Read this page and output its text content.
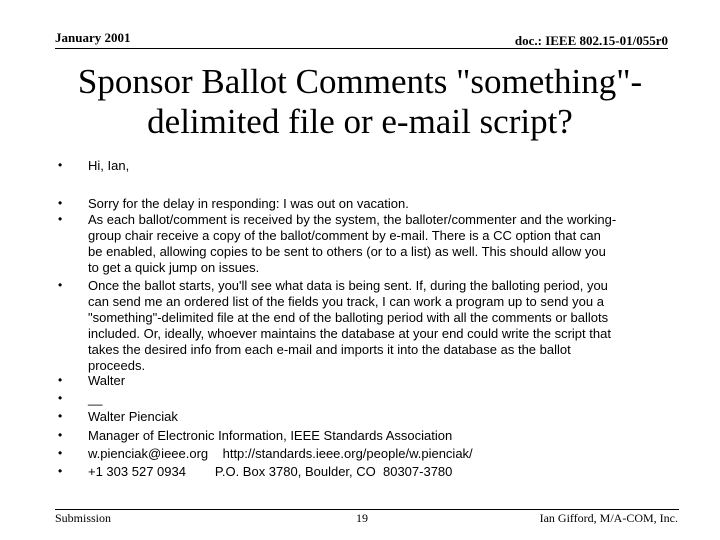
January 2001	doc.: IEEE 802.15-01/055r0
Sponsor Ballot Comments "something"-
delimited file or e-mail script?
•
•
•
•
•
•
•
•
•
•
Hi, Ian,
Sorry for the delay in responding: I was out on vacation.
As each ballot/comment is received by the system, the balloter/commenter and the working-
group chair receive a copy of the ballot/comment by e-mail. There is a CC option that can
be enabled, allowing copies to be sent to others (or to a list) as well. This should allow you
to get a quick jump on issues.
Once the ballot starts, you'll see what data is being sent. If, during the balloting period, you
can send me an ordered list of the fields you track, I can work a program up to send you a
"something"-delimited file at the end of the balloting period with all the comments or ballots
included. Or, ideally, whoever maintains the database at your end could write the script that
takes the desired info from each e-mail and imports it into the database as the ballot
proceeds.
Walter
__
Walter Pienciak
Manager of Electronic Information, IEEE Standards Association
w.pienciak@ieee.org    http://standards.ieee.org/people/w.pienciak/
+1 303 527 0934        P.O. Box 3780, Boulder, CO  80307-3780
Submission	19	Ian Gifford, M/A-COM, Inc.
